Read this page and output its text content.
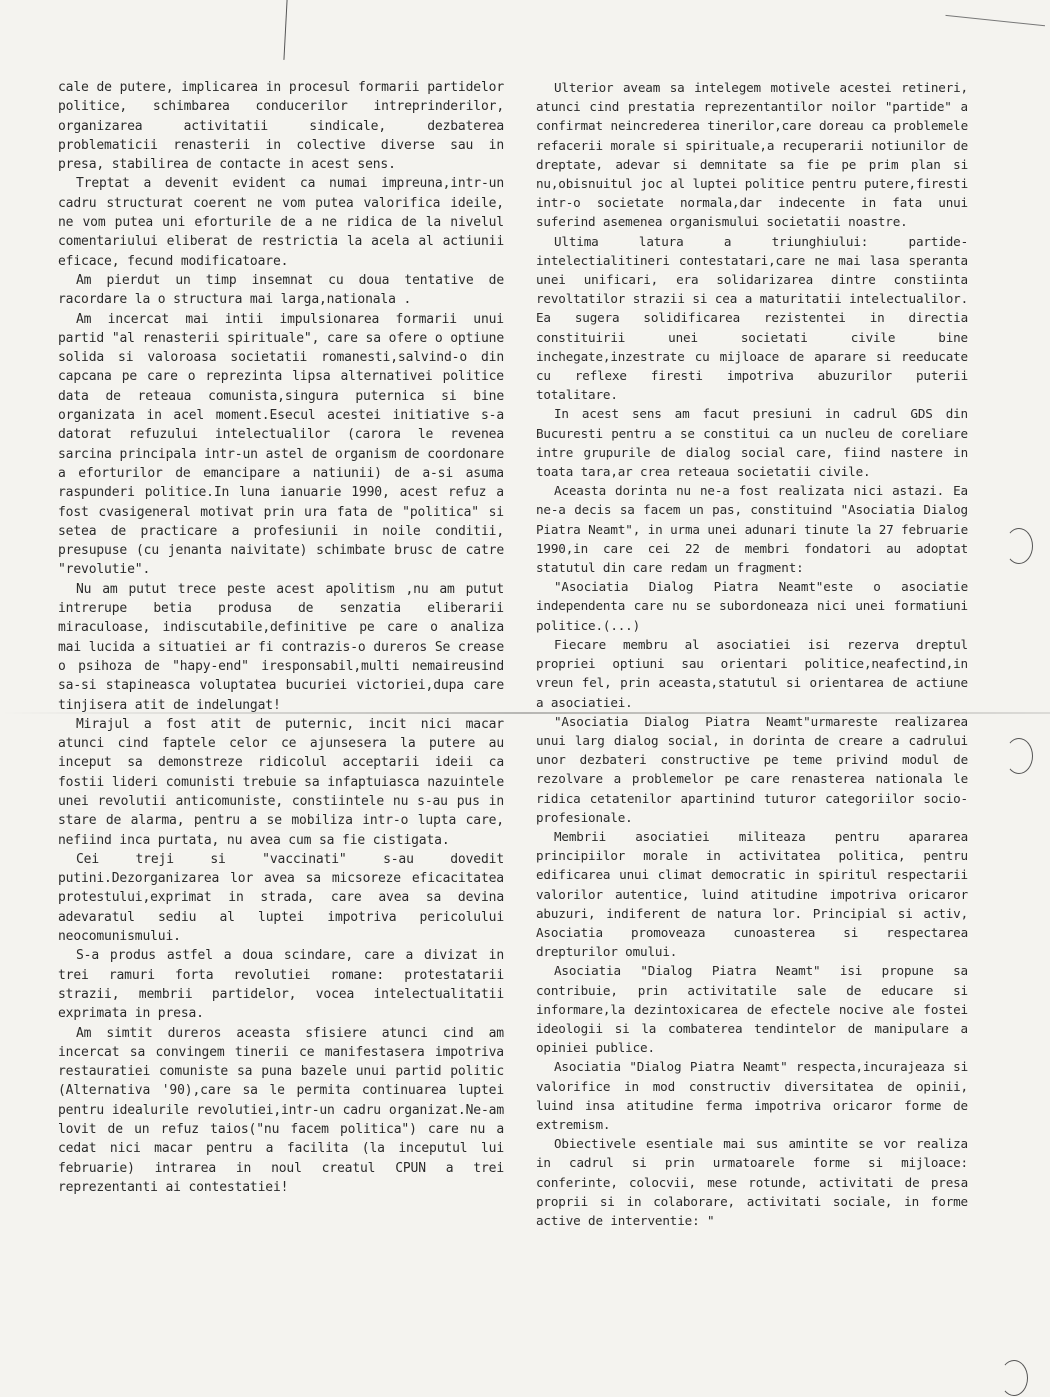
cale de putere, implicarea in procesul formarii partidelor politice, schimbarea conducerilor intreprinderilor, organizarea activitatii sindicale, dezbaterea problematicii renasterii in colective diverse sau in presa, stabilirea de contacte in acest sens.

Treptat a devenit evident ca numai impreuna,intr-un cadru structurat coerent ne vom putea valorifica ideile, ne vom putea uni eforturile de a ne ridica de la nivelul comentariului eliberat de restrictia la acela al actiunii eficace, fecund modificatoare.

Am pierdut un timp insemnat cu doua tentative de racordare la o structura mai larga,nationala .

Am incercat mai intii impulsionarea formarii unui partid "al renasterii spirituale", care sa ofere o optiune solida si valoroasa societatii romanesti,salvind-o din capcana pe care o reprezinta lipsa alternativei politice data de reteaua comunista,singura puternica si bine organizata in acel moment.Esecul acestei initiative s-a datorat refuzului intelectualilor (carora le revenea sarcina principala intr-un astel de organism de coordonare a eforturilor de emancipare a natiunii) de a-si asuma raspunderi politice.In luna ianuarie 1990, acest refuz a fost cvasigeneral motivat prin ura fata de "politica" si setea de practicare a profesiunii in noile conditii, presupuse (cu jenanta naivitate) schimbate brusc de catre "revolutie".

Nu am putut trece peste acest apolitism ,nu am putut intrerupe betia produsa de senzatia eliberarii miraculoase, indiscutabile,definitive pe care o analiza mai lucida a situatiei ar fi contrazis-o dureros Se crease o psihoza de "hapy-end" iresponsabil,multi nemaireusind sa-si stapineasca voluptatea bucuriei victoriei,dupa care tinjisera atit de indelungat!

Mirajul a fost atit de puternic, incit nici macar atunci cind faptele celor ce ajunsesera la putere au inceput sa demonstreze ridicolul acceptarii ideii ca fostii lideri comunisti trebuie sa infaptuiasca nazuintele unei revolutii anticomuniste, constiintele nu s-au pus in stare de alarma, pentru a se mobiliza intr-o lupta care, nefiind inca purtata, nu avea cum sa fie cistigata.

Cei treji si "vaccinati" s-au dovedit putini.Dezorganizarea lor avea sa micsoreze eficacitatea protestului,exprimat in strada, care avea sa devina adevaratul sediu al luptei impotriva pericolului neocomunismului.

S-a produs astfel a doua scindare, care a divizat in trei ramuri forta revolutiei romane: protestatarii strazii, membrii partidelor, vocea intelectualitatii exprimata in presa.

Am simtit dureros aceasta sfisiere atunci cind am incercat sa convingem tinerii ce manifestasera impotriva restauratiei comuniste sa puna bazele unui partid politic (Alternativa '90),care sa le permita continuarea luptei pentru idealurile revolutiei,intr-un cadru organizat.Ne-am lovit de un refuz taios("nu facem politica") care nu a cedat nici macar pentru a facilita (la inceputul lui februarie) intrarea in noul creatul CPUN a trei reprezentanti ai contestatiei!

Ulterior aveam sa intelegem motivele acestei retineri, atunci cind prestatia reprezentantilor noilor "partide" a confirmat neincrederea tinerilor,care doreau ca problemele refacerii morale si spirituale,a recuperarii notiunilor de dreptate, adevar si demnitate sa fie pe prim plan si nu,obisnuitul joc al luptei politice pentru putere,firesti intr-o societate normala,dar indecente in fata unui suferind asemenea organismului societatii noastre.

Ultima latura a triunghiului: partide-intelectialitineri contestatari,care ne mai lasa speranta unei unificari, era solidarizarea dintre constiinta revoltatilor strazii si cea a maturitatii intelectualilor. Ea sugera solidificarea rezistentei in directia constituirii unei societati civile bine inchegate,inzestrate cu mijloace de aparare si reeducate cu reflexe firesti impotriva abuzurilor puterii totalitare.

In acest sens am facut presiuni in cadrul GDS din Bucuresti pentru a se constitui ca un nucleu de coreliare intre grupurile de dialog social care, fiind nastere in toata tara,ar crea reteaua societatii civile.

Aceasta dorinta nu ne-a fost realizata nici astazi. Ea ne-a decis sa facem un pas, constituind "Asociatia Dialog Piatra Neamt", in urma unei adunari tinute la 27 februarie 1990,in care cei 22 de membri fondatori au adoptat statutul din care redam un fragment:

"Asociatia Dialog Piatra Neamt"este o asociatie independenta care nu se subordoneaza nici unei formatiuni politice.(...)

Fiecare membru al asociatiei isi rezerva dreptul propriei optiuni sau orientari politice,neafectind,in vreun fel, prin aceasta,statutul si orientarea de actiune a asociatiei.

"Asociatia Dialog Piatra Neamt"urmareste realizarea unui larg dialog social, in dorinta de creare a cadrului unor dezbateri constructive pe teme privind modul de rezolvare a problemelor pe care renasterea nationala le ridica cetatenilor apartinind tuturor categoriilor socio-profesionale.

Membrii asociatiei militeaza pentru apararea principiilor morale in activitatea politica, pentru edificarea unui climat democratic in spiritul respectarii valorilor autentice, luind atitudine impotriva oricaror abuzuri, indiferent de natura lor. Principial si activ, Asociatia promoveaza cunoasterea si respectarea drepturilor omului.

Asociatia "Dialog Piatra Neamt" isi propune sa contribuie, prin activitatile sale de educare si informare,la dezintoxicarea de efectele nocive ale fostei ideologii si la combaterea tendintelor de manipulare a opiniei publice.

Asociatia "Dialog Piatra Neamt" respecta,incurajeaza si valorifice in mod constructiv diversitatea de opinii, luind insa atitudine ferma impotriva oricaror forme de extremism.

Obiectivele esentiale mai sus amintite se vor realiza in cadrul si prin urmatoarele forme si mijloace: conferinte, colocvii, mese rotunde, activitati de presa proprii si in colaborare, activitati sociale, in forme active de interventie: "
